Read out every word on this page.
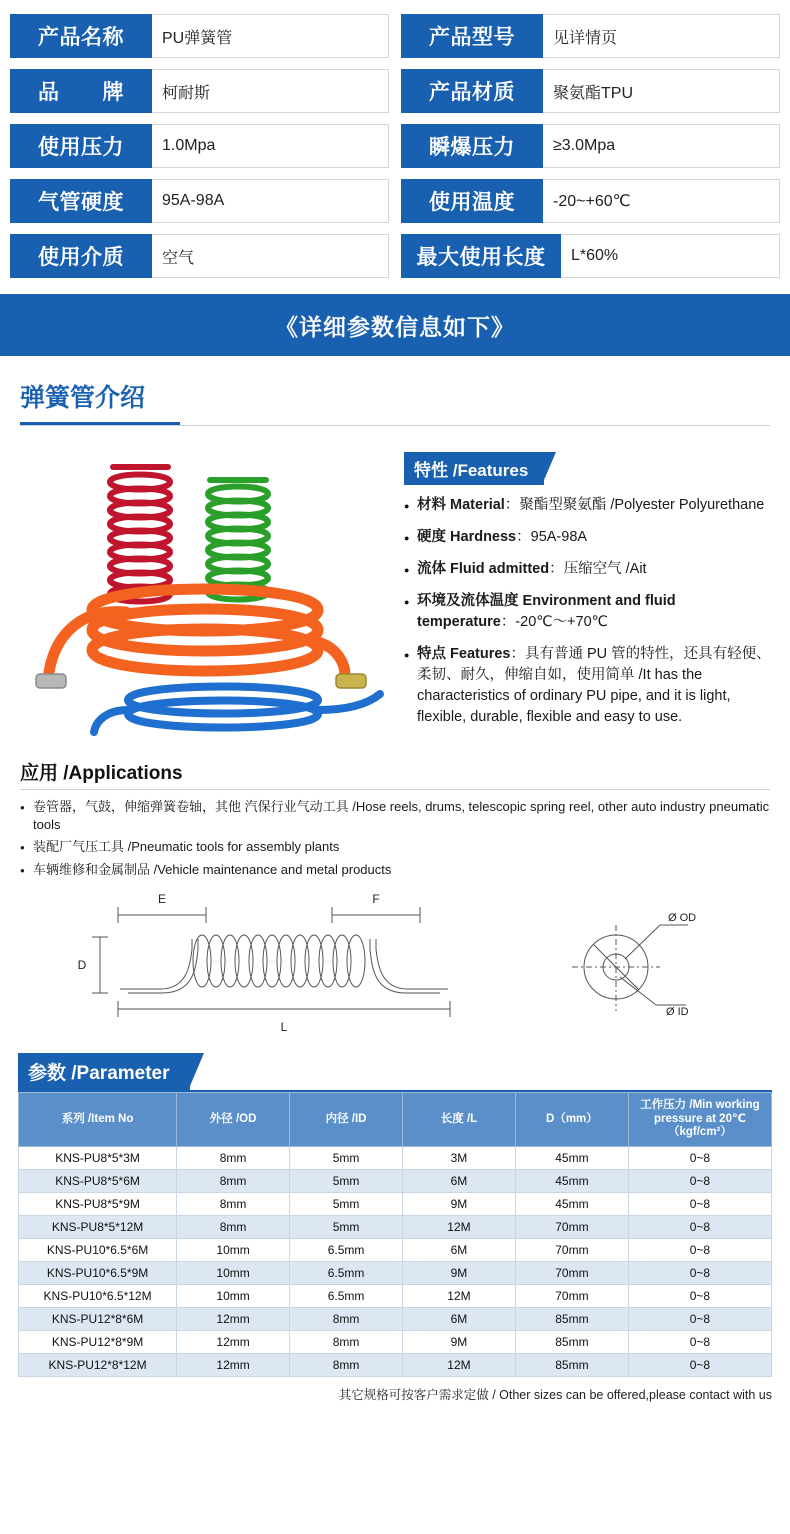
产品名称	PU弹簧管	产品型号	见详情页
品　　牌	柯耐斯	产品材质	聚氨酯TPU
使用压力	1.0Mpa	瞬爆压力	≥3.0Mpa
气管硬度	95A-98A	使用温度	-20~+60℃
使用介质	空气	最大使用长度	L*60%
《详细参数信息如下》
弹簧管介绍
特性 /Features
● 材料 Material：聚酯型聚氨酯 /Polyester Polyurethane
● 硬度 Hardness：95A-98A
● 流体 Fluid admitted：压缩空气 /Ait
● 环境及流体温度 Environment and fluid temperature：-20℃～+70℃
● 特点 Features：具有普通 PU 管的特性，还具有轻便、柔韧、耐久，伸缩自如，使用简单 /It has the characteristics of ordinary PU pipe, and it is light, flexible, durable, flexible and easy to use.
应用 /Applications
● 卷管器，气鼓，伸缩弹簧卷轴，其他 汽保行业气动工具 /Hose reels, drums, telescopic spring reel, other auto industry pneumatic tools
● 装配厂气压工具 /Pneumatic tools for assembly plants
● 车辆维修和金属制品 /Vehicle maintenance and metal products
E	F
D
L
Ø OD
Ø ID
参数 /Parameter
系列 /Item No	外径 /OD	内径 /ID	长度 /L	D（mm）	工作压力 /Min working pressure at 20℃（kgf/cm²）
KNS-PU8*5*3M	8mm	5mm	3M	45mm	0~8
KNS-PU8*5*6M	8mm	5mm	6M	45mm	0~8
KNS-PU8*5*9M	8mm	5mm	9M	45mm	0~8
KNS-PU8*5*12M	8mm	5mm	12M	70mm	0~8
KNS-PU10*6.5*6M	10mm	6.5mm	6M	70mm	0~8
KNS-PU10*6.5*9M	10mm	6.5mm	9M	70mm	0~8
KNS-PU10*6.5*12M	10mm	6.5mm	12M	70mm	0~8
KNS-PU12*8*6M	12mm	8mm	6M	85mm	0~8
KNS-PU12*8*9M	12mm	8mm	9M	85mm	0~8
KNS-PU12*8*12M	12mm	8mm	12M	85mm	0~8
其它规格可按客户需求定做 / Other sizes can be offered,please contact with us
